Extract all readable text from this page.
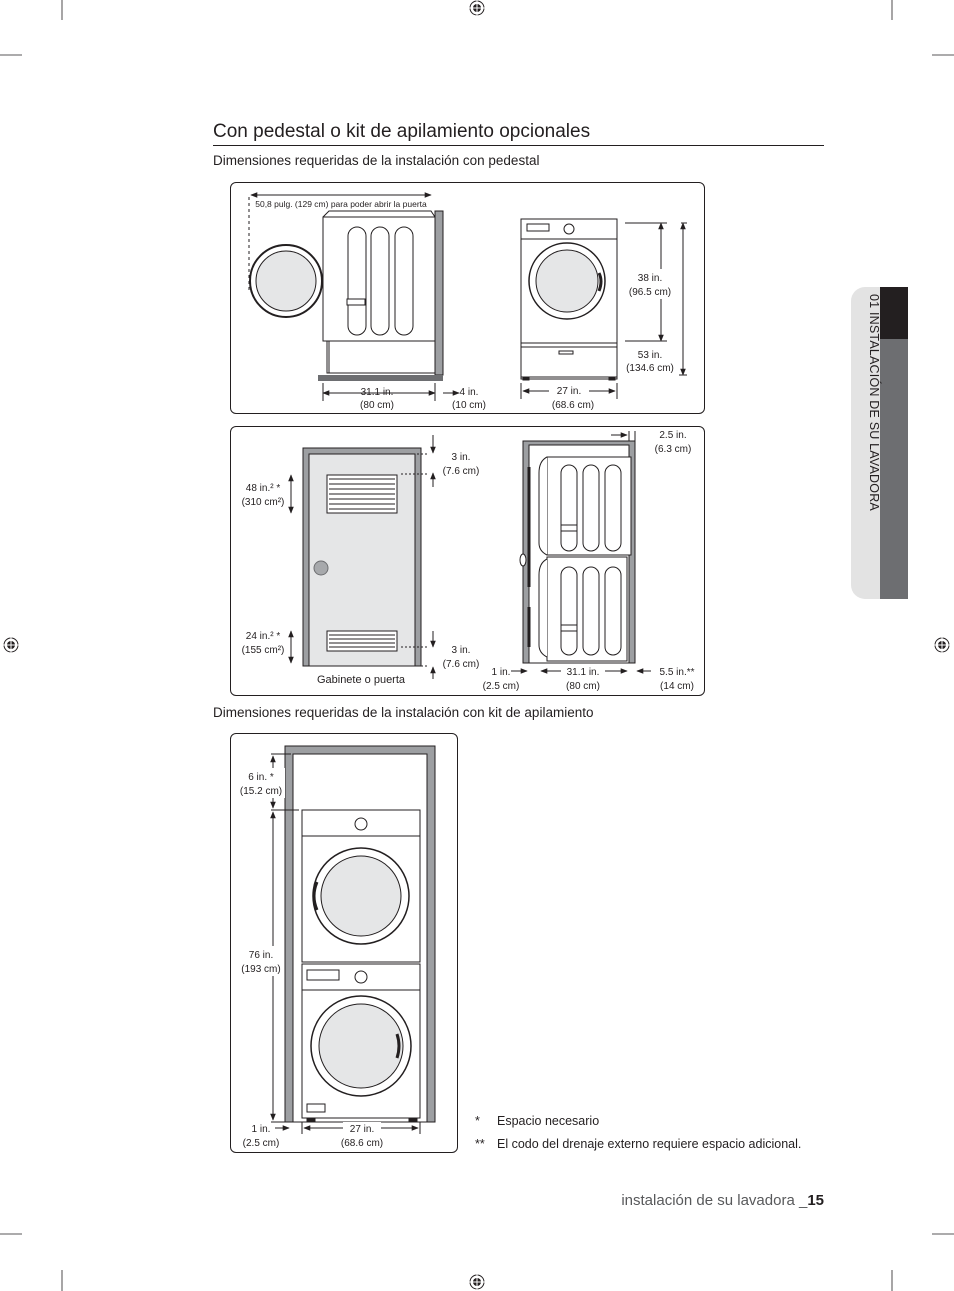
Con pedestal o kit de apilamiento opcionales
Dimensiones requeridas de la instalación con pedestal
01 INSTALACIÓN DE SU LAVADORA
50,8 pulg. (129 cm) para poder abrir la puerta
31.1 in.
(80 cm)
4 in.
(10 cm)
38 in.
(96.5 cm)
53 in.
(134.6 cm)
27 in.
(68.6 cm)
48 in.² *
(310 cm²)
24 in.² *
(155 cm²)
3 in.
(7.6 cm)
3 in.
(7.6 cm)
Gabinete o puerta
2.5 in.
(6.3 cm)
1 in.
(2.5 cm)
31.1 in.
(80 cm)
5.5 in.**
(14 cm)
Dimensiones requeridas de la instalación con kit de apilamiento
6 in. *
(15.2 cm)
76 in.
(193 cm)
1 in.
(2.5 cm)
27 in.
(68.6 cm)
*	Espacio necesario
** El codo del drenaje externo requiere espacio adicional.
instalación de su lavadora _15
